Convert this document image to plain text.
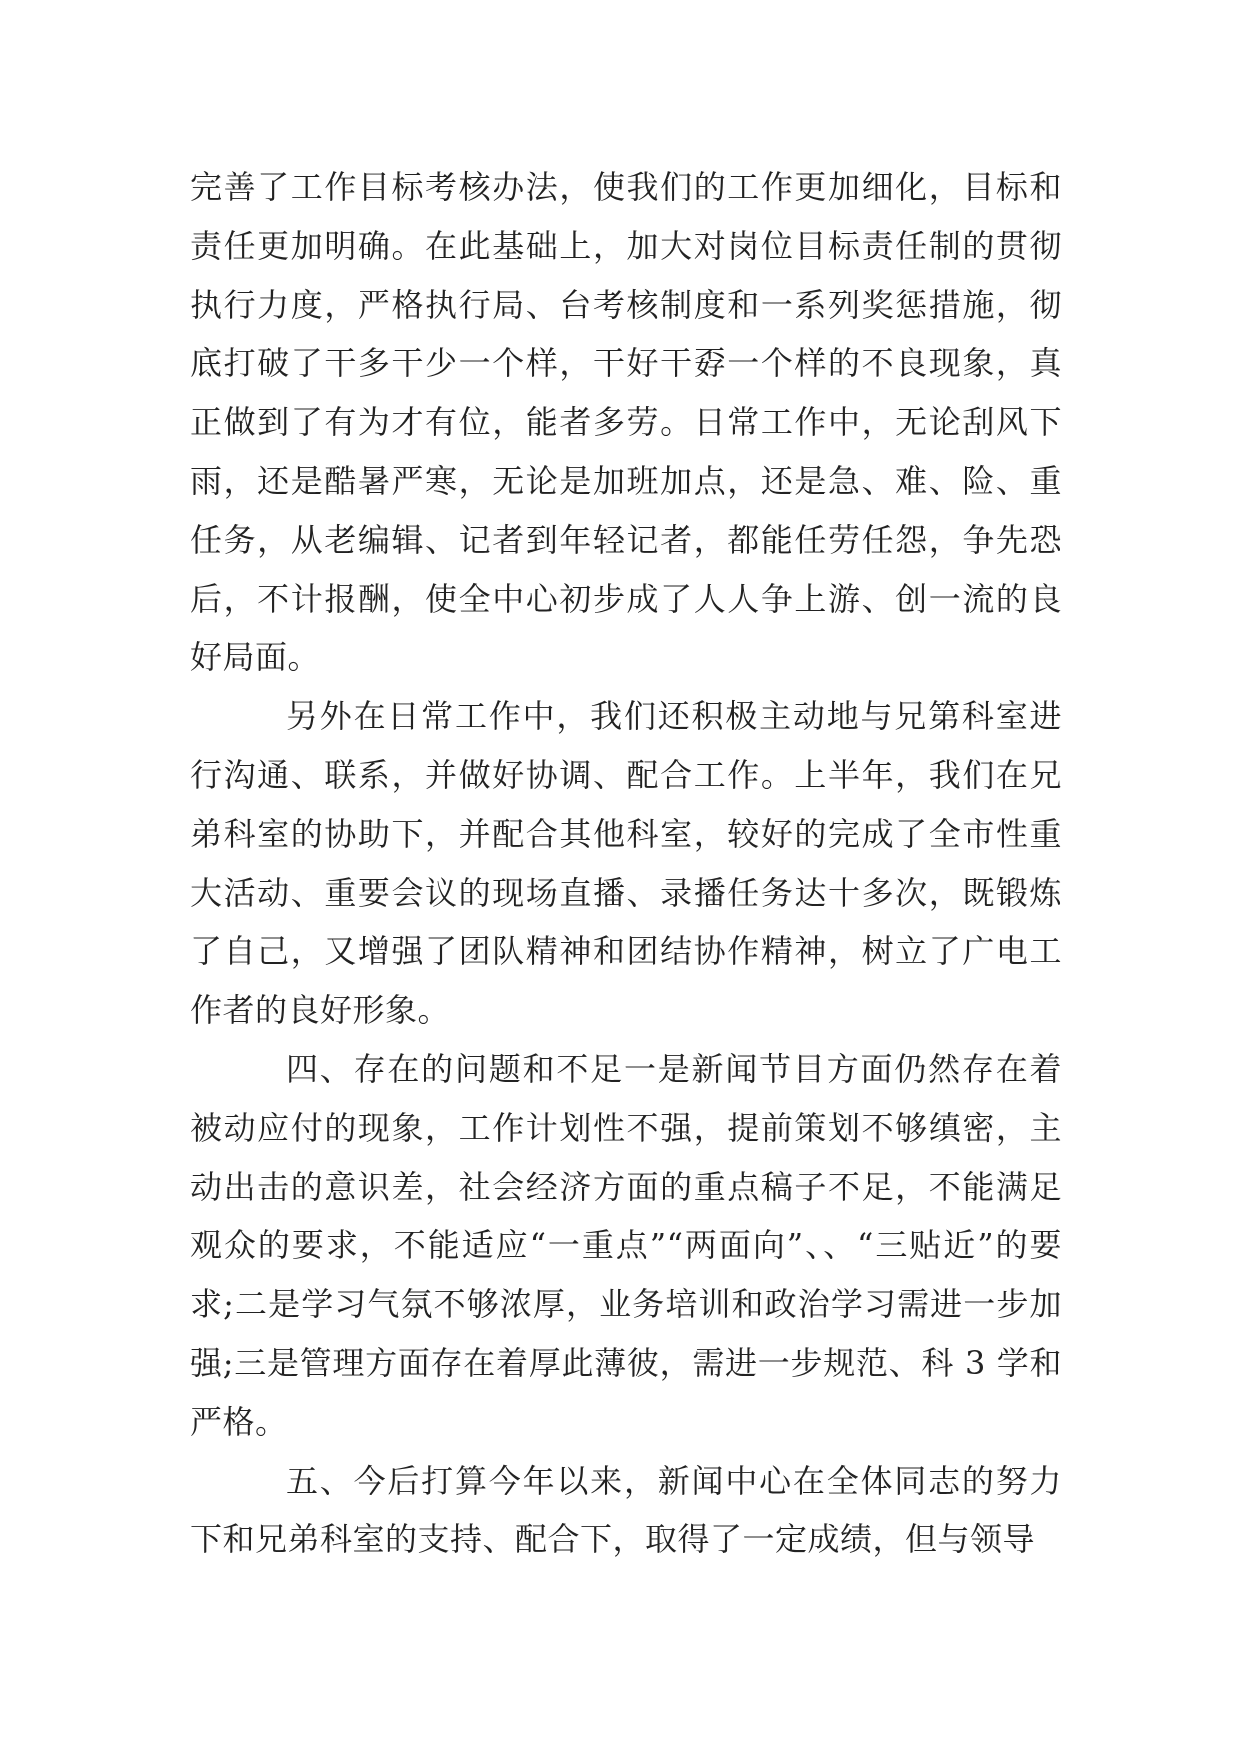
完善了工作目标考核办法，使我们的工作更加细化，目标和责任更加明确。在此基础上，加大对岗位目标责任制的贯彻执行力度，严格执行局、台考核制度和一系列奖惩措施，彻底打破了干多干少一个样，干好干孬一个样的不良现象，真正做到了有为才有位，能者多劳。日常工作中，无论刮风下雨，还是酷暑严寒，无论是加班加点，还是急、难、险、重任务，从老编辑、记者到年轻记者，都能任劳任怨，争先恐后，不计报酬，使全中心初步成了人人争上游、创一流的良好局面。

另外在日常工作中，我们还积极主动地与兄第科室进行沟通、联系，并做好协调、配合工作。上半年，我们在兄弟科室的协助下，并配合其他科室，较好的完成了全市性重大活动、重要会议的现场直播、录播任务达十多次，既锻炼了自己，又增强了团队精神和团结协作精神，树立了广电工作者的良好形象。

四、存在的问题和不足一是新闻节目方面仍然存在着被动应付的现象，工作计划性不强，提前策划不够缜密，主动出击的意识差，社会经济方面的重点稿子不足，不能满足观众的要求，不能适应“一重点”“两面向”、、“三贴近”的要求;二是学习气氛不够浓厚，业务培训和政治学习需进一步加强;三是管理方面存在着厚此薄彼，需进一步规范、科 3 学和严格。

五、今后打算今年以来，新闻中心在全体同志的努力下和兄弟科室的支持、配合下，取得了一定成绩，但与领导
